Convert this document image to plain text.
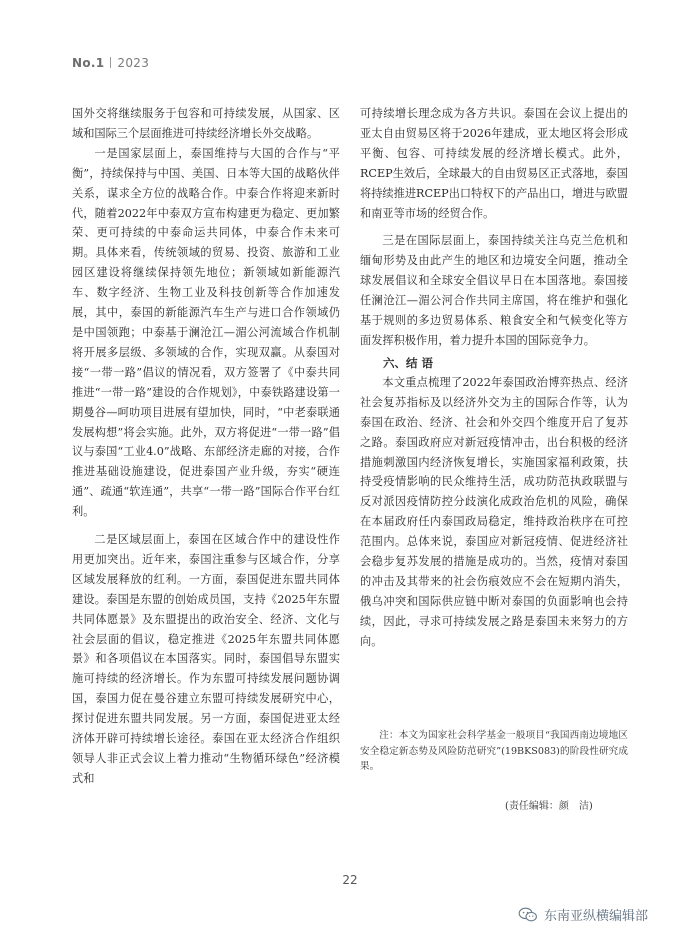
No.1 2023

国外交将继续服务于包容和可持续发展，从国家、区域和国际三个层面推进可持续经济增长外交战略。

一是国家层面上，泰国维持与大国的合作与“平衡”，持续保持与中国、美国、日本等大国的战略伙伴关系，谋求全方位的战略合作。中泰合作将迎来新时代，随着2022年中泰双方宣布构建更为稳定、更加繁荣、更可持续的中泰命运共同体，中泰合作未来可期。具体来看，传统领域的贸易、投资、旅游和工业园区建设将继续保持领先地位；新领域如新能源汽车、数字经济、生物工业及科技创新等合作加速发展，其中，泰国的新能源汽车生产与进口合作领域仍是中国领跑；中泰基于澜沧江—湄公河流域合作机制将开展多层级、多领域的合作，实现双赢。从泰国对接“一带一路”倡议的情况看，双方签署了《中泰共同推进“一带一路”建设的合作规划》，中泰铁路建设第一期曼谷—呵叻项目进展有望加快，同时，“中老泰联通发展构想”将会实施。此外，双方将促进“一带一路”倡议与泰国“工业4.0”战略、东部经济走廊的对接，合作推进基础设施建设，促进泰国产业升级，夯实“硬连通”、疏通“软连通”，共享“一带一路”国际合作平台红利。

二是区域层面上，泰国在区域合作中的建设性作用更加突出。近年来，泰国注重参与区域合作，分享区域发展释放的红利。一方面，泰国促进东盟共同体建设。泰国是东盟的创始成员国，支持《2025年东盟共同体愿景》及东盟提出的政治安全、经济、文化与社会层面的倡议，稳定推进《2025年东盟共同体愿景》和各项倡议在本国落实。同时，泰国倡导东盟实施可持续的经济增长。作为东盟可持续发展问题协调国，泰国力促在曼谷建立东盟可持续发展研究中心，探讨促进东盟共同发展。另一方面，泰国促进亚太经济体开辟可持续增长途径。泰国在亚太经济合作组织领导人非正式会议上着力推动“生物循环绿色”经济模式和

可持续增长理念成为各方共识。泰国在会议上提出的亚太自由贸易区将于2026年建成，亚太地区将会形成平衡、包容、可持续发展的经济增长模式。此外，RCEP生效后，全球最大的自由贸易区正式落地，泰国将持续推进RCEP出口特权下的产品出口，增进与欧盟和南亚等市场的经贸合作。

三是在国际层面上，泰国持续关注乌克兰危机和缅甸形势及由此产生的地区和边境安全问题，推动全球发展倡议和全球安全倡议早日在本国落地。泰国接任澜沧江—湄公河合作共同主席国，将在维护和强化基于规则的多边贸易体系、粮食安全和气候变化等方面发挥积极作用，着力提升本国的国际竞争力。

六、结 语

本文重点梳理了2022年泰国政治博弈热点、经济社会复苏指标及以经济外交为主的国际合作等，认为泰国在政治、经济、社会和外交四个维度开启了复苏之路。泰国政府应对新冠疫情冲击，出台积极的经济措施刺激国内经济恢复增长，实施国家福利政策，扶持受疫情影响的民众维持生活，成功防范执政联盟与反对派因疫情防控分歧演化成政治危机的风险，确保在本届政府任内泰国政局稳定，维持政治秩序在可控范围内。总体来说，泰国应对新冠疫情、促进经济社会稳步复苏发展的措施是成功的。当然，疫情对泰国的冲击及其带来的社会伤痕效应不会在短期内消失，俄乌冲突和国际供应链中断对泰国的负面影响也会持续，因此，寻求可持续发展之路是泰国未来努力的方向。

注：本文为国家社会科学基金一般项目“我国西南边境地区安全稳定新态势及风险防范研究”(19BKS083)的阶段性研究成果。
(责任编辑：颜　洁)
22
东南亚纵横编辑部
